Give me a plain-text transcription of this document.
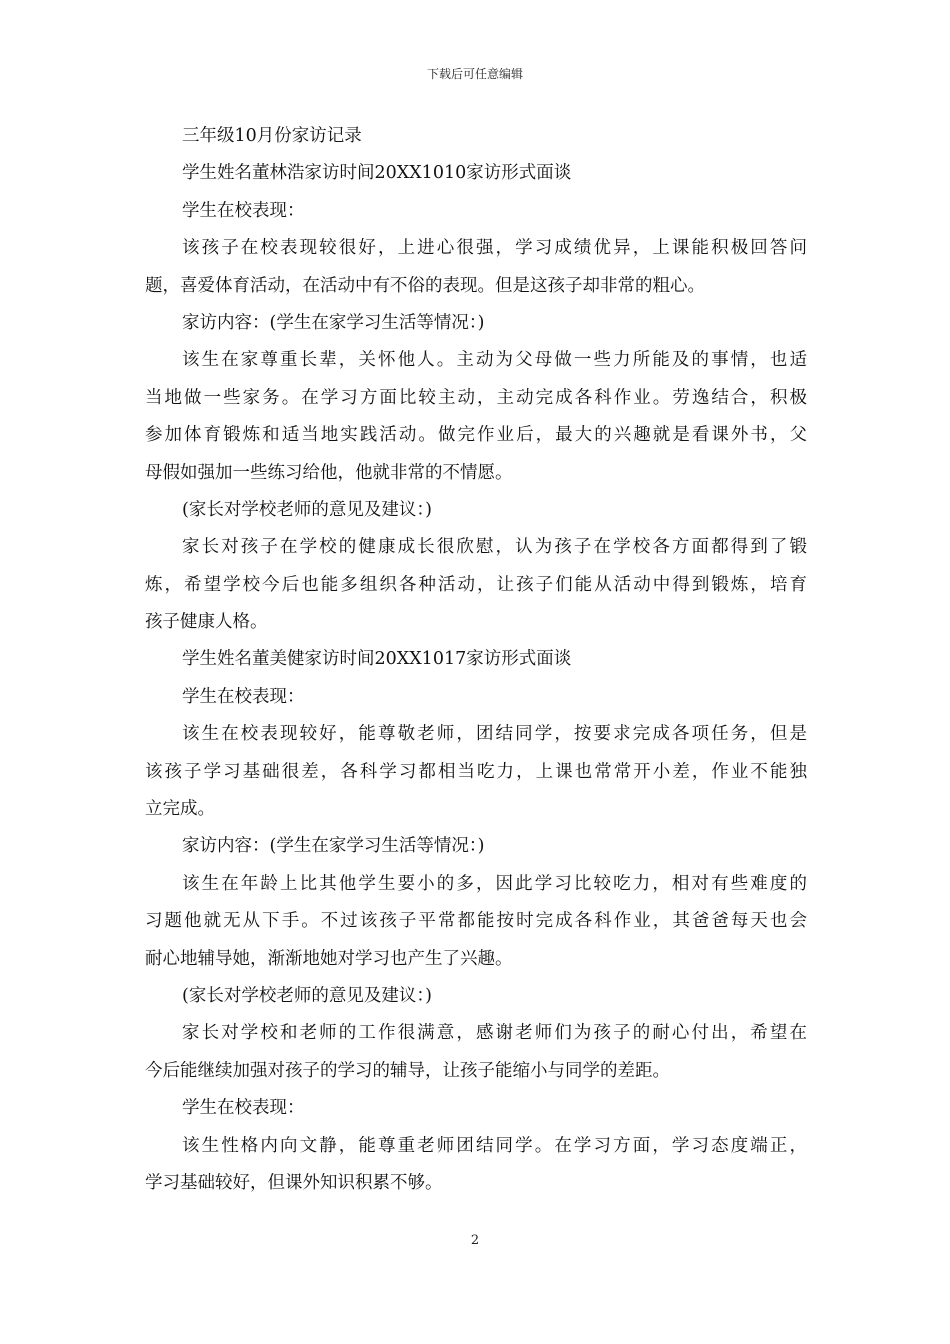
下载后可任意编辑

三年级10月份家访记录

学生姓名董林浩家访时间20XX1010家访形式面谈

学生在校表现：

该孩子在校表现较很好，上进心很强，学习成绩优异，上课能积极回答问

题，喜爱体育活动，在活动中有不俗的表现。但是这孩子却非常的粗心。

家访内容：(学生在家学习生活等情况：)

该生在家尊重长辈，关怀他人。主动为父母做一些力所能及的事情，也适

当地做一些家务。在学习方面比较主动，主动完成各科作业。劳逸结合，积极

参加体育锻炼和适当地实践活动。做完作业后，最大的兴趣就是看课外书，父

母假如强加一些练习给他，他就非常的不情愿。

(家长对学校老师的意见及建议：)

家长对孩子在学校的健康成长很欣慰，认为孩子在学校各方面都得到了锻

炼，希望学校今后也能多组织各种活动，让孩子们能从活动中得到锻炼，培育

孩子健康人格。

学生姓名董美健家访时间20XX1017家访形式面谈

学生在校表现：

该生在校表现较好，能尊敬老师，团结同学，按要求完成各项任务，但是

该孩子学习基础很差，各科学习都相当吃力，上课也常常开小差，作业不能独

立完成。

家访内容：(学生在家学习生活等情况：)

该生在年龄上比其他学生要小的多，因此学习比较吃力，相对有些难度的

习题他就无从下手。不过该孩子平常都能按时完成各科作业，其爸爸每天也会

耐心地辅导她，渐渐地她对学习也产生了兴趣。

(家长对学校老师的意见及建议：)

家长对学校和老师的工作很满意，感谢老师们为孩子的耐心付出，希望在

今后能继续加强对孩子的学习的辅导，让孩子能缩小与同学的差距。

学生在校表现：

该生性格内向文静，能尊重老师团结同学。在学习方面，学习态度端正，

学习基础较好，但课外知识积累不够。

2
